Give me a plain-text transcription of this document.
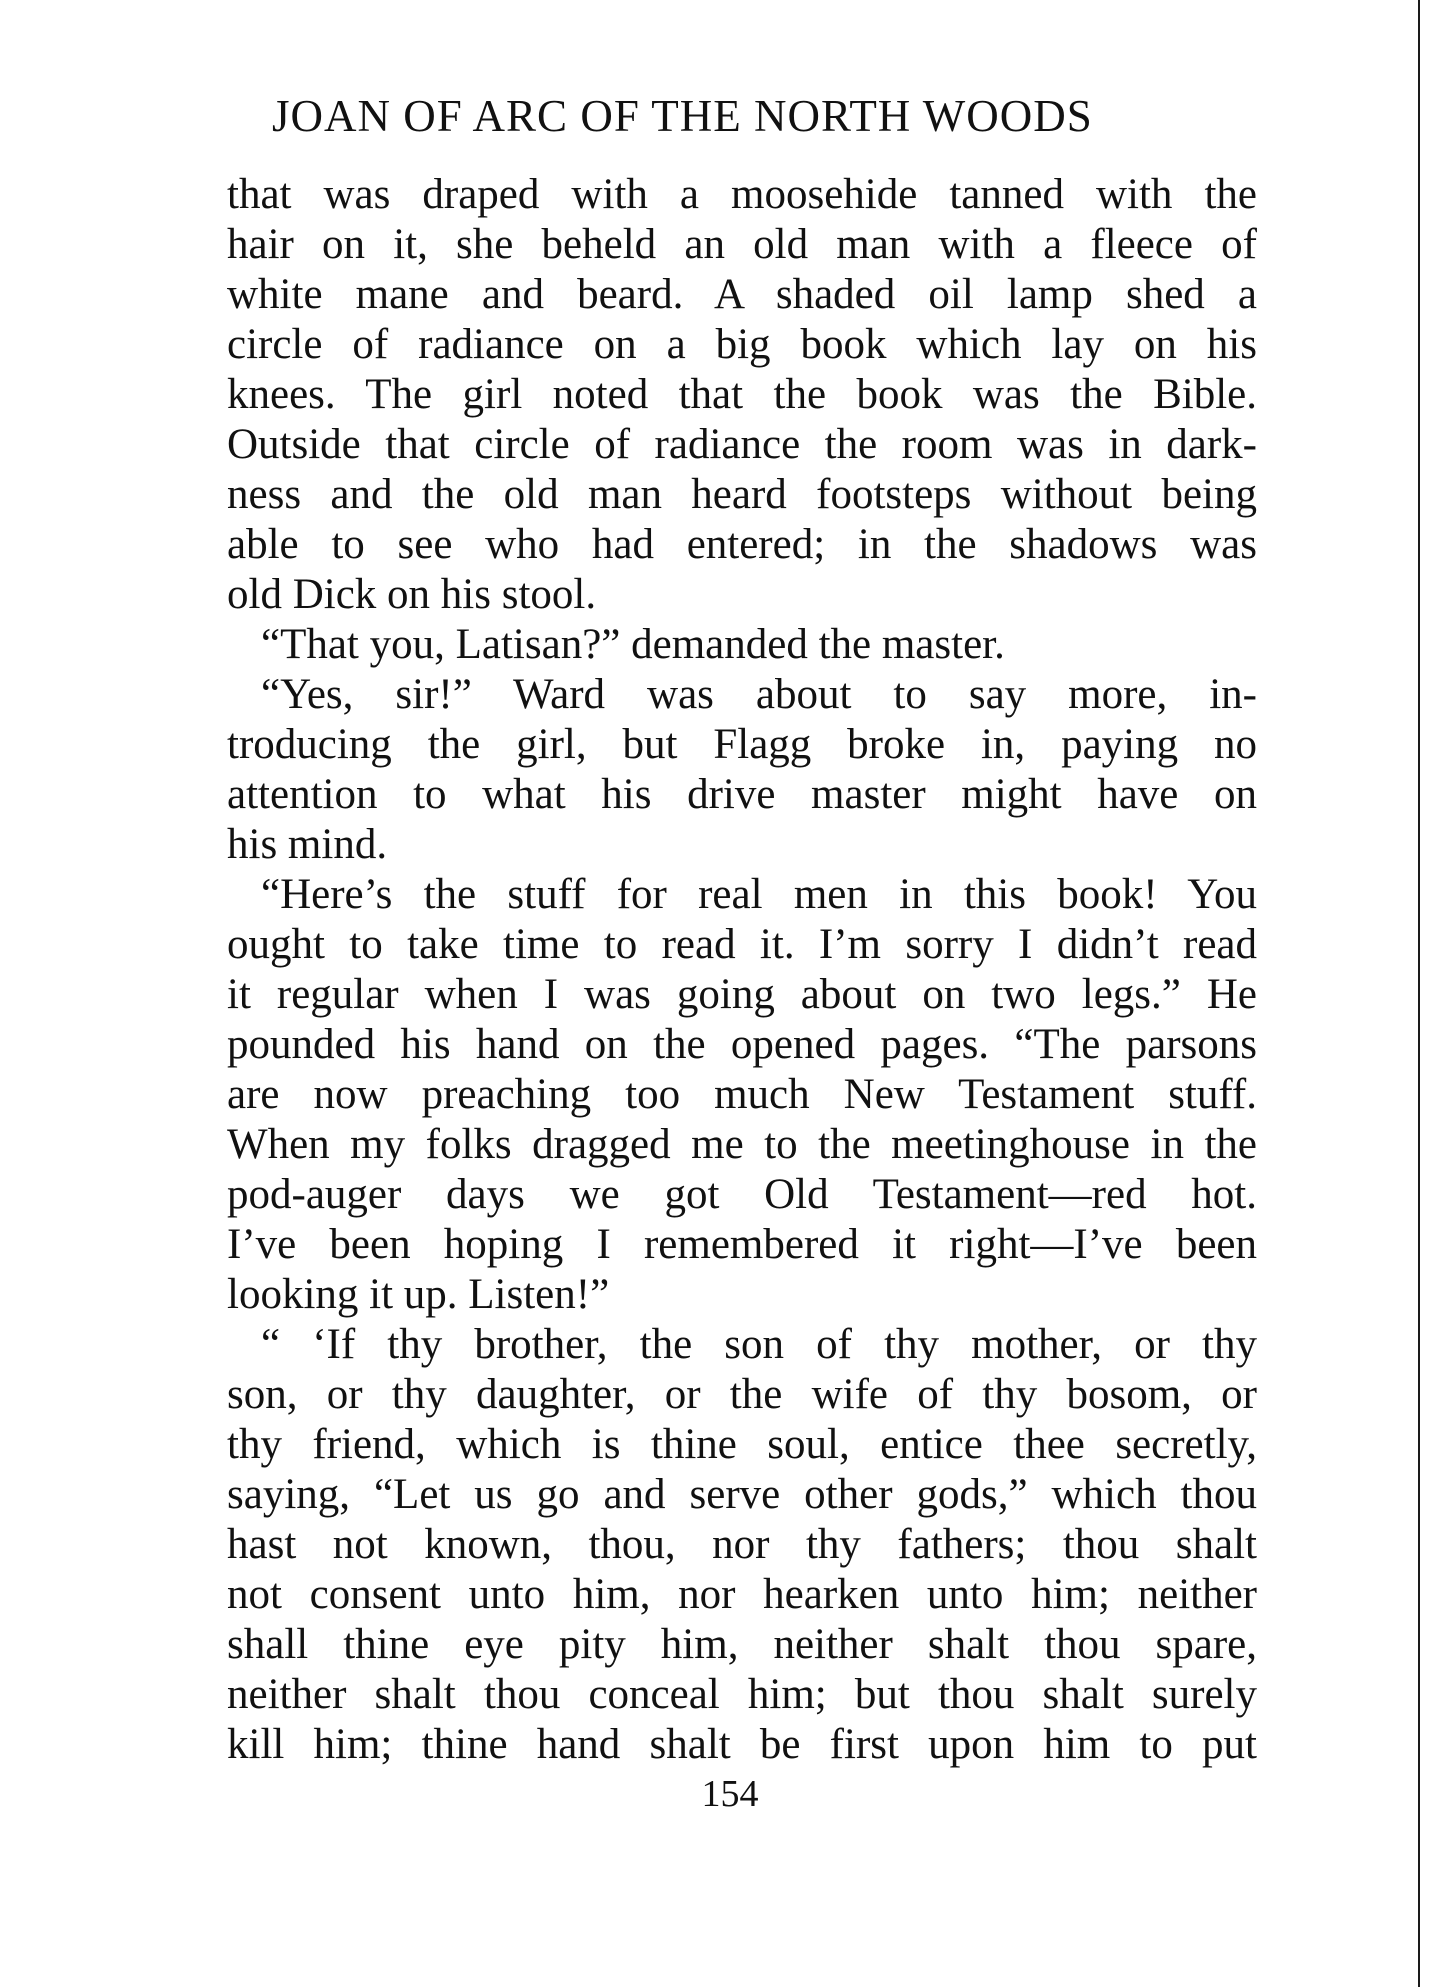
JOAN OF ARC OF THE NORTH WOODS
that was draped with a moosehide tanned with the
hair on it, she beheld an old man with a fleece of
white mane and beard. A shaded oil lamp shed a
circle of radiance on a big book which lay on his
knees. The girl noted that the book was the Bible.
Outside that circle of radiance the room was in dark-
ness and the old man heard footsteps without being
able to see who had entered; in the shadows was
old Dick on his stool.
“That you, Latisan?” demanded the master.
“Yes, sir!” Ward was about to say more, in-
troducing the girl, but Flagg broke in, paying no
attention to what his drive master might have on
his mind.
“Here’s the stuff for real men in this book! You
ought to take time to read it. I’m sorry I didn’t read
it regular when I was going about on two legs.” He
pounded his hand on the opened pages. “The parsons
are now preaching too much New Testament stuff.
When my folks dragged me to the meetinghouse in the
pod-auger days we got Old Testament—red hot.
I’ve been hoping I remembered it right—I’ve been
looking it up. Listen!”
“ ‘If thy brother, the son of thy mother, or thy
son, or thy daughter, or the wife of thy bosom, or
thy friend, which is thine soul, entice thee secretly,
saying, “Let us go and serve other gods,” which thou
hast not known, thou, nor thy fathers; thou shalt
not consent unto him, nor hearken unto him; neither
shall thine eye pity him, neither shalt thou spare,
neither shalt thou conceal him; but thou shalt surely
kill him; thine hand shalt be first upon him to put
154
